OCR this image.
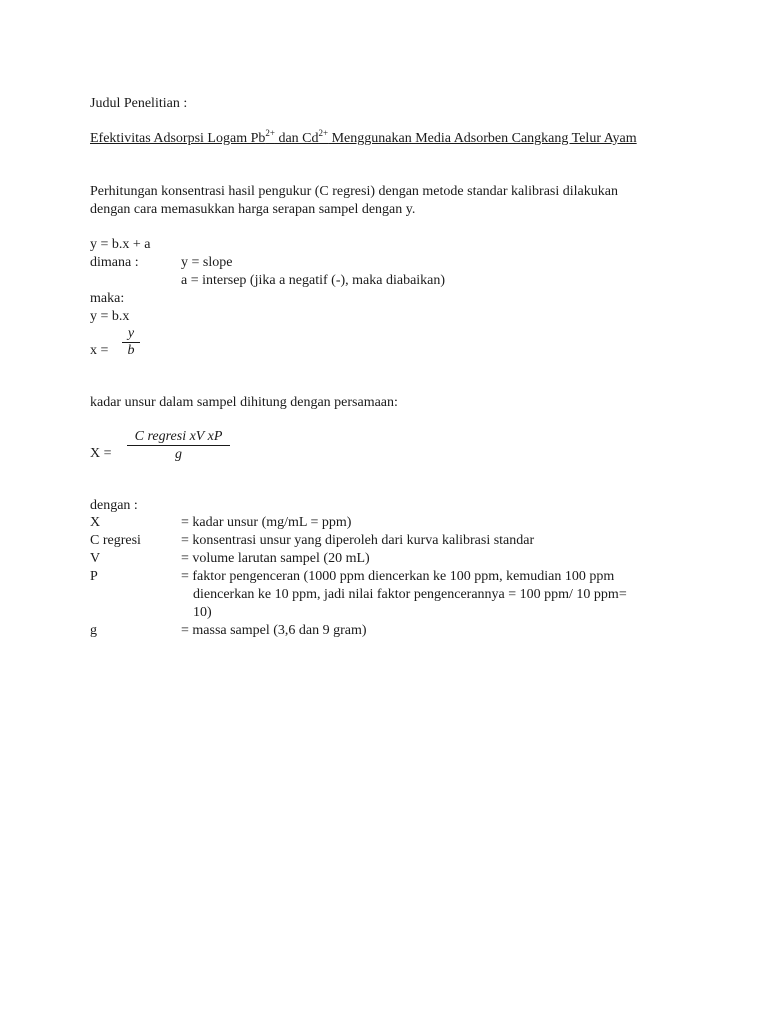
Judul Penelitian :
Efektivitas Adsorpsi Logam $Pb^{2+}$ dan $Cd^{2+}$ Menggunakan Media Adsorben Cangkang Telur Ayam
Perhitungan konsentrasi hasil pengukur (C regresi) dengan metode standar kalibrasi dilakukan
dengan cara memasukkan harga serapan sampel dengan y.
y = b.x + a
dimana :	y = slope
a = intersep (jika a negatif (-), maka diabaikan)
maka:
y = b.x
$x = \frac{y}{b}$
kadar unsur dalam sampel dihitung dengan persamaan:
X =
C regresi xV xP
g
dengan :
X	= kadar unsur (mg/mL = ppm)
C regresi	= konsentrasi unsur yang diperoleh dari kurva kalibrasi standar
V	= volume larutan sampel (20 mL)
P	= faktor pengenceran (1000 ppm diencerkan ke 100 ppm, kemudian 100 ppm
diencerkan ke 10 ppm, jadi nilai faktor pengencerannya = 100 ppm/ 10 ppm=
10)
g	= massa sampel (3,6 dan 9 gram)
